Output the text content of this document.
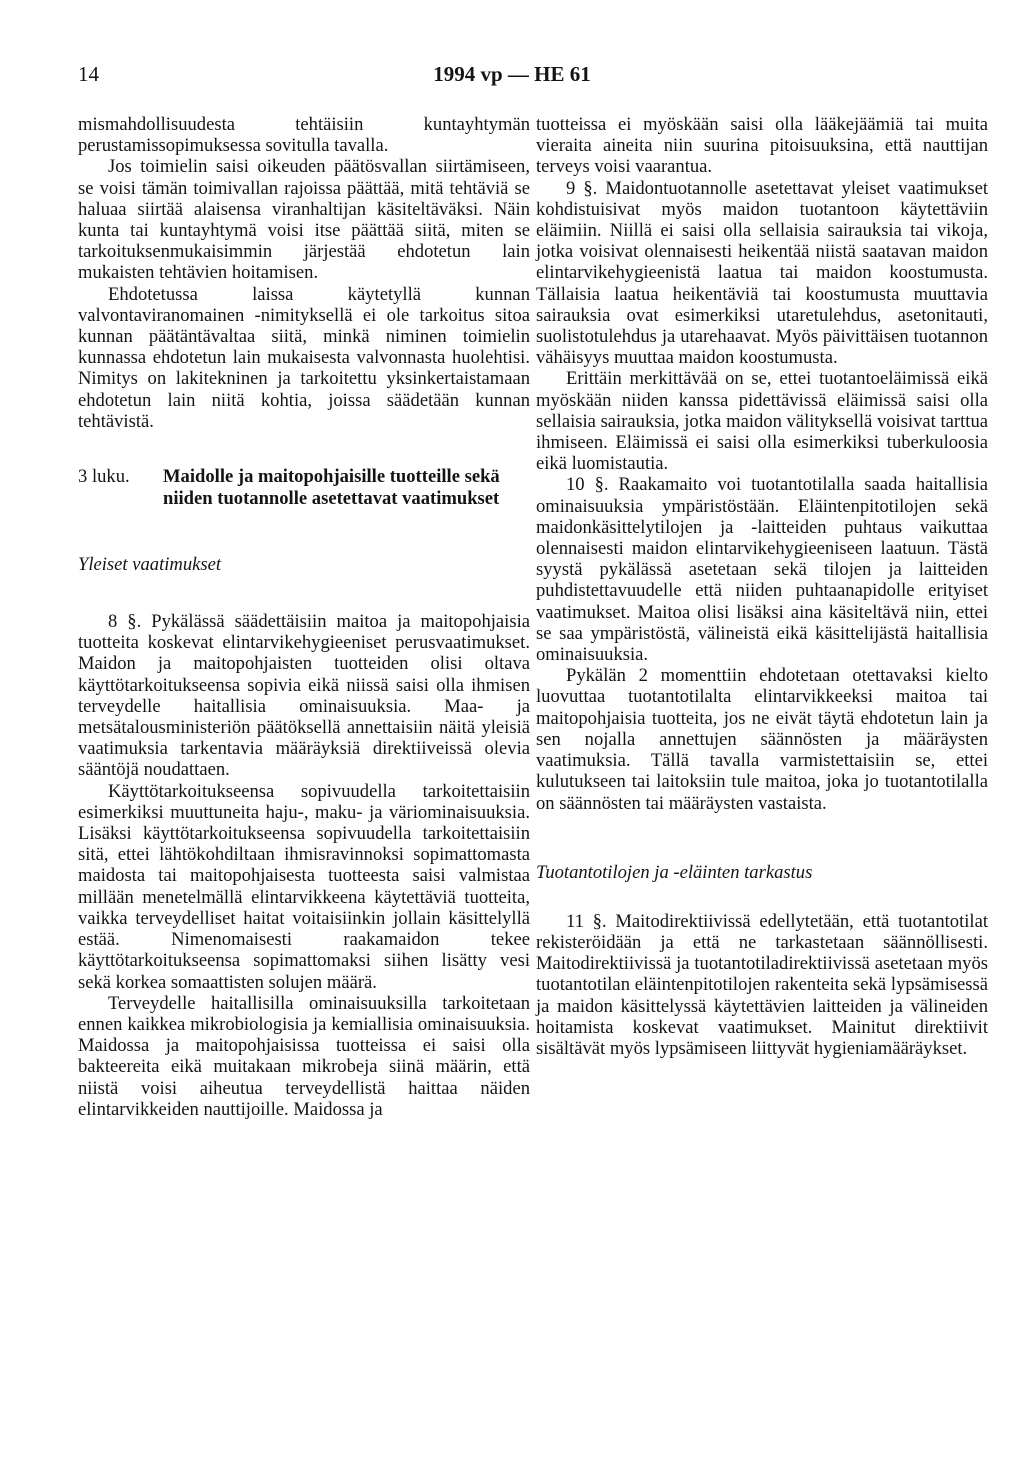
14	1994 vp — HE 61

mismahdollisuudesta tehtäisiin kuntayhtymän perustamissopimuksessa sovitulla tavalla.

Jos toimielin saisi oikeuden päätösvallan siirtämiseen, se voisi tämän toimivallan rajoissa päättää, mitä tehtäviä se haluaa siirtää alaisensa viranhaltijan käsiteltäväksi. Näin kunta tai kuntayhtymä voisi itse päättää siitä, miten se tarkoituksenmukaisimmin järjestää ehdotetun lain mukaisten tehtävien hoitamisen.

Ehdotetussa laissa käytetyllä kunnan valvontaviranomainen -nimityksellä ei ole tarkoitus sitoa kunnan päätäntävaltaa siitä, minkä niminen toimielin kunnassa ehdotetun lain mukaisesta valvonnasta huolehtisi. Nimitys on lakitekninen ja tarkoitettu yksinkertaistamaan ehdotetun lain niitä kohtia, joissa säädetään kunnan tehtävistä.

3 luku. Maidolle ja maitopohjaisille tuotteille sekä niiden tuotannolle asetettavat vaatimukset
Yleiset vaatimukset

8 §. Pykälässä säädettäisiin maitoa ja maitopohjaisia tuotteita koskevat elintarvikehygieeniset perusvaatimukset. Maidon ja maitopohjaisten tuotteiden olisi oltava käyttötarkoitukseensa sopivia eikä niissä saisi olla ihmisen terveydelle haitallisia ominaisuuksia. Maa- ja metsätalousministeriön päätöksellä annettaisiin näitä yleisiä vaatimuksia tarkentavia määräyksiä direktiiveissä olevia sääntöjä noudattaen.

Käyttötarkoitukseensa sopivuudella tarkoitettaisiin esimerkiksi muuttuneita haju-, maku- ja väriominaisuuksia. Lisäksi käyttötarkoitukseensa sopivuudella tarkoitettaisiin sitä, ettei lähtökohdiltaan ihmisravinnoksi sopimattomasta maidosta tai maitopohjaisesta tuotteesta saisi valmistaa millään menetelmällä elintarvikkeena käytettäviä tuotteita, vaikka terveydelliset haitat voitaisiinkin jollain käsittelyllä estää. Nimenomaisesti raakamaidon tekee käyttötarkoitukseensa sopimattomaksi siihen lisätty vesi sekä korkea somaattisten solujen määrä.

Terveydelle haitallisilla ominaisuuksilla tarkoitetaan ennen kaikkea mikrobiologisia ja kemiallisia ominaisuuksia. Maidossa ja maitopohjaisissa tuotteissa ei saisi olla bakteereita eikä muitakaan mikrobeja siinä määrin, että niistä voisi aiheutua terveydellistä haittaa näiden elintarvikkeiden nauttijoille. Maidossa ja

tuotteissa ei myöskään saisi olla lääkejäämiä tai muita vieraita aineita niin suurina pitoisuuksina, että nauttijan terveys voisi vaarantua.

9 §. Maidontuotannolle asetettavat yleiset vaatimukset kohdistuisivat myös maidon tuotantoon käytettäviin eläimiin. Niillä ei saisi olla sellaisia sairauksia tai vikoja, jotka voisivat olennaisesti heikentää niistä saatavan maidon elintarvikehygieenistä laatua tai maidon koostumusta. Tällaisia laatua heikentäviä tai koostumusta muuttavia sairauksia ovat esimerkiksi utaretulehdus, asetonitauti, suolistotulehdus ja utarehaavat. Myös päivittäisen tuotannon vähäisyys muuttaa maidon koostumusta.

Erittäin merkittävää on se, ettei tuotantoeläimissä eikä myöskään niiden kanssa pidettävissä eläimissä saisi olla sellaisia sairauksia, jotka maidon välityksellä voisivat tarttua ihmiseen. Eläimissä ei saisi olla esimerkiksi tuberkuloosia eikä luomistautia.

10 §. Raakamaito voi tuotantotilalla saada haitallisia ominaisuuksia ympäristöstään. Eläintenpitotilojen sekä maidonkäsittelytilojen ja -laitteiden puhtaus vaikuttaa olennaisesti maidon elintarvikehygieeniseen laatuun. Tästä syystä pykälässä asetetaan sekä tilojen ja laitteiden puhdistettavuudelle että niiden puhtaanapidolle erityiset vaatimukset. Maitoa olisi lisäksi aina käsiteltävä niin, ettei se saa ympäristöstä, välineistä eikä käsittelijästä haitallisia ominaisuuksia.

Pykälän 2 momenttiin ehdotetaan otettavaksi kielto luovuttaa tuotantotilalta elintarvikkeeksi maitoa tai maitopohjaisia tuotteita, jos ne eivät täytä ehdotetun lain ja sen nojalla annettujen säännösten ja määräysten vaatimuksia. Tällä tavalla varmistettaisiin se, ettei kulutukseen tai laitoksiin tule maitoa, joka jo tuotantotilalla on säännösten tai määräysten vastaista.

Tuotantotilojen ja -eläinten tarkastus

11 §. Maitodirektiivissä edellytetään, että tuotantotilat rekisteröidään ja että ne tarkastetaan säännöllisesti. Maitodirektiivissä ja tuotantotiladirektiivissä asetetaan myös tuotantotilan eläintenpitotilojen rakenteita sekä lypsämisessä ja maidon käsittelyssä käytettävien laitteiden ja välineiden hoitamista koskevat vaatimukset. Mainitut direktiivit sisältävät myös lypsämiseen liittyvät hygieniamääräykset.
